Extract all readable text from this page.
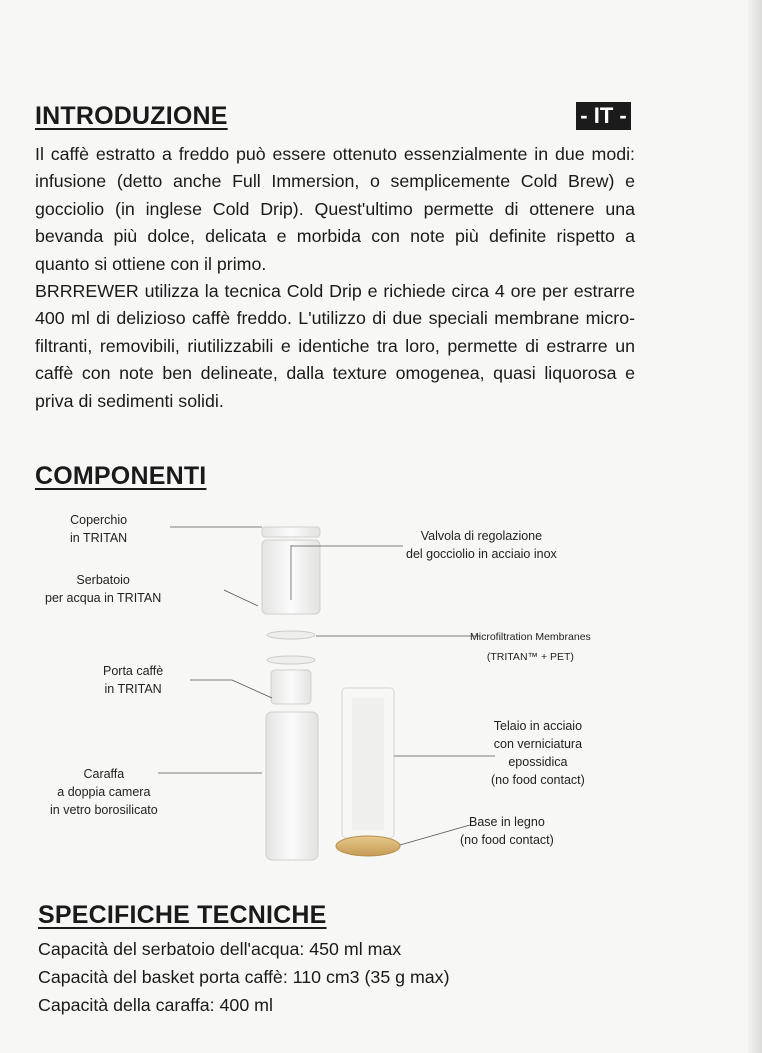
INTRODUZIONE	- IT -

Il caffè estratto a freddo può essere ottenuto essenzialmente in due modi: infusione (detto anche Full Immersion, o semplicemente Cold Brew) e gocciolio (in inglese Cold Drip). Quest'ultimo permette di ottenere una bevanda più dolce, delicata e morbida con note più definite rispetto a quanto si ottiene con il primo.

BRRREWER utilizza la tecnica Cold Drip e richiede circa 4 ore per estrarre 400 ml di delizioso caffè freddo. L'utilizzo di due speciali membrane micro-filtranti, removibili, riutilizzabili e identiche tra loro, permette di estrarre un caffè con note ben delineate, dalla texture omogenea, quasi liquorosa e priva di sedimenti solidi.

COMPONENTI
Coperchio
in TRITAN
Serbatoio
per acqua in TRITAN
Porta caffè
in TRITAN
Caraffa
a doppia camera
in vetro borosilicato
Valvola di regolazione
del gocciolio in acciaio inox
Microfiltration Membranes
(TRITAN™ + PET)
Telaio in acciaio
con verniciatura
epossidica
(no food contact)
Base in legno
(no food contact)
SPECIFICHE TECNICHE
Capacità del serbatoio dell'acqua: 450 ml max
Capacità del basket porta caffè: 110 cm3 (35 g max)
Capacità della caraffa: 400 ml
